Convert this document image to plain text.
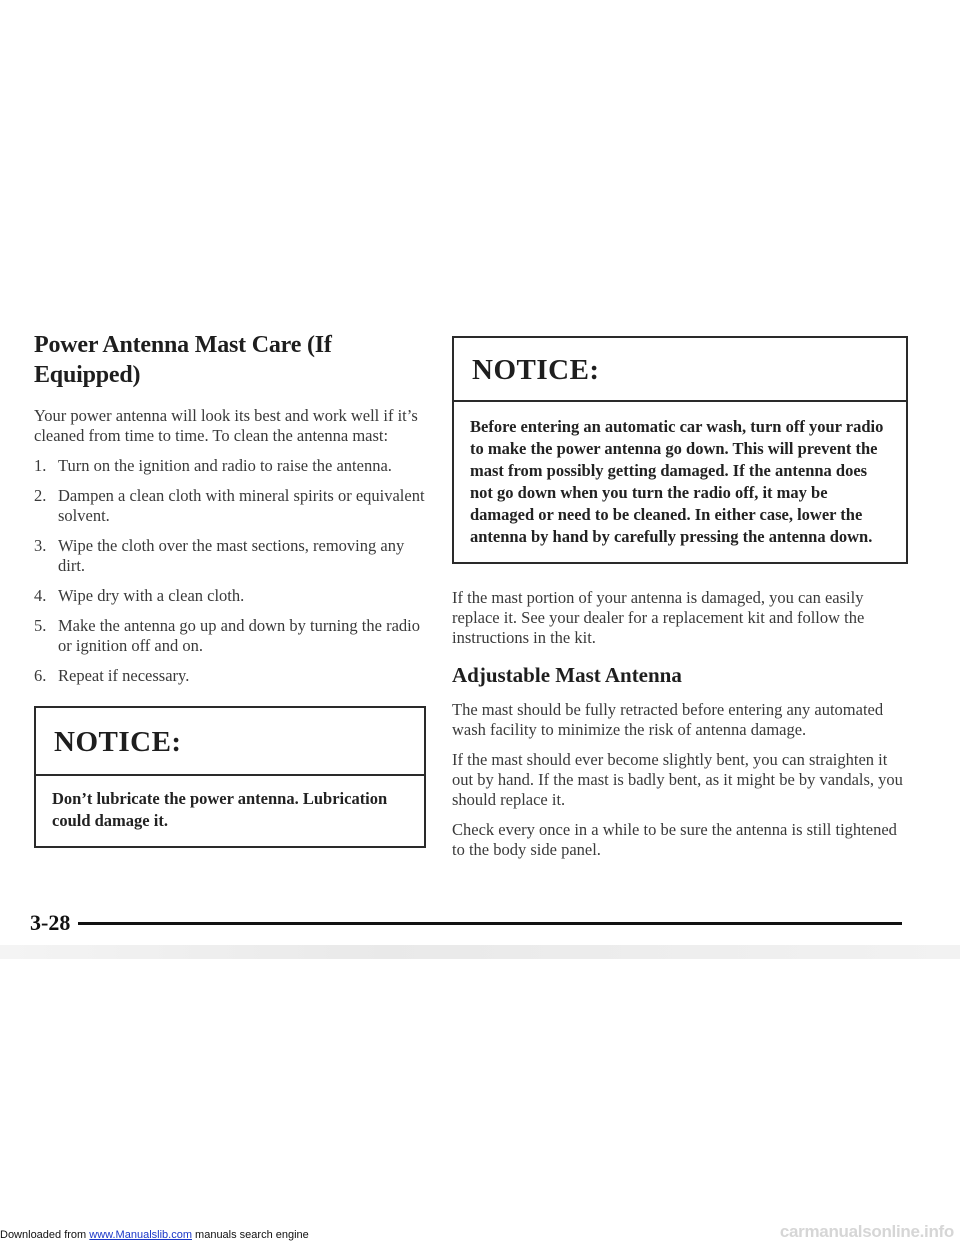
Power Antenna Mast Care (If Equipped)

Your power antenna will look its best and work well if it’s cleaned from time to time. To clean the antenna mast:

1. Turn on the ignition and radio to raise the antenna.
2. Dampen a clean cloth with mineral spirits or equivalent solvent.
3. Wipe the cloth over the mast sections, removing any dirt.
4. Wipe dry with a clean cloth.
5. Make the antenna go up and down by turning the radio or ignition off and on.
6. Repeat if necessary.
NOTICE:

Don’t lubricate the power antenna. Lubrication could damage it.

NOTICE:

Before entering an automatic car wash, turn off your radio to make the power antenna go down. This will prevent the mast from possibly getting damaged. If the antenna does not go down when you turn the radio off, it may be damaged or need to be cleaned. In either case, lower the antenna by hand by carefully pressing the antenna down.

If the mast portion of your antenna is damaged, you can easily replace it. See your dealer for a replacement kit and follow the instructions in the kit.

Adjustable Mast Antenna

The mast should be fully retracted before entering any automated wash facility to minimize the risk of antenna damage.

If the mast should ever become slightly bent, you can straighten it out by hand. If the mast is badly bent, as it might be by vandals, you should replace it.

Check every once in a while to be sure the antenna is still tightened to the body side panel.

3-28
Downloaded from www.Manualslib.com manuals search engine	carmanualsonline.info
